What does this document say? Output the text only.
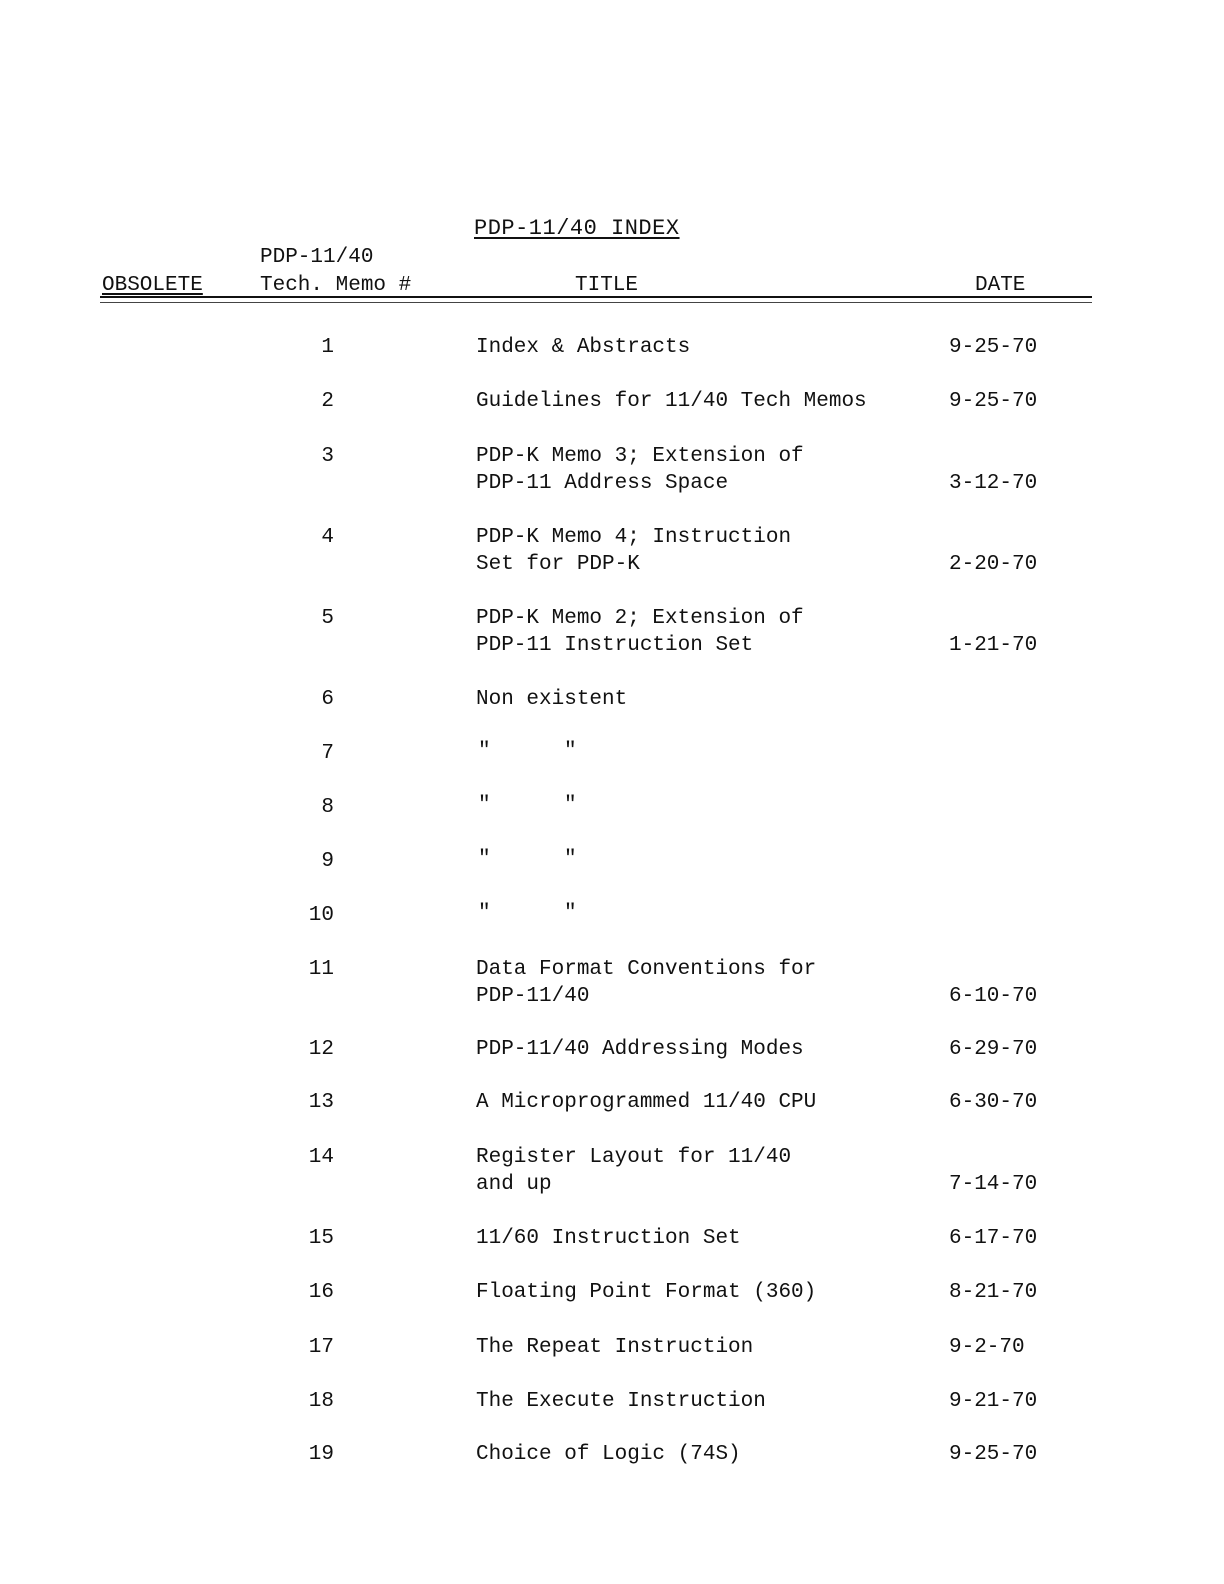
PDP-11/40 INDEX
OBSOLETE
PDP-11/40
Tech. Memo #	TITLE	DATE
1	Index & Abstracts	9-25-70
2	Guidelines for 11/40 Tech Memos	9-25-70
3	PDP-K Memo 3; Extension of
PDP-11 Address Space	3-12-70
4	PDP-K Memo 4; Instruction
Set for PDP-K	2-20-70
5	PDP-K Memo 2; Extension of
PDP-11 Instruction Set	1-21-70
6	Non existent
7	"	"
8	"	"
9	"	"
10	"	"
11	Data Format Conventions for
PDP-11/40	6-10-70
12	PDP-11/40 Addressing Modes	6-29-70
13	A Microprogrammed 11/40 CPU	6-30-70
14	Register Layout for 11/40
and up	7-14-70
15	11/60 Instruction Set	6-17-70
16	Floating Point Format (360)	8-21-70
17	The Repeat Instruction	9-2-70
18	The Execute Instruction	9-21-70
19	Choice of Logic (74S)	9-25-70
